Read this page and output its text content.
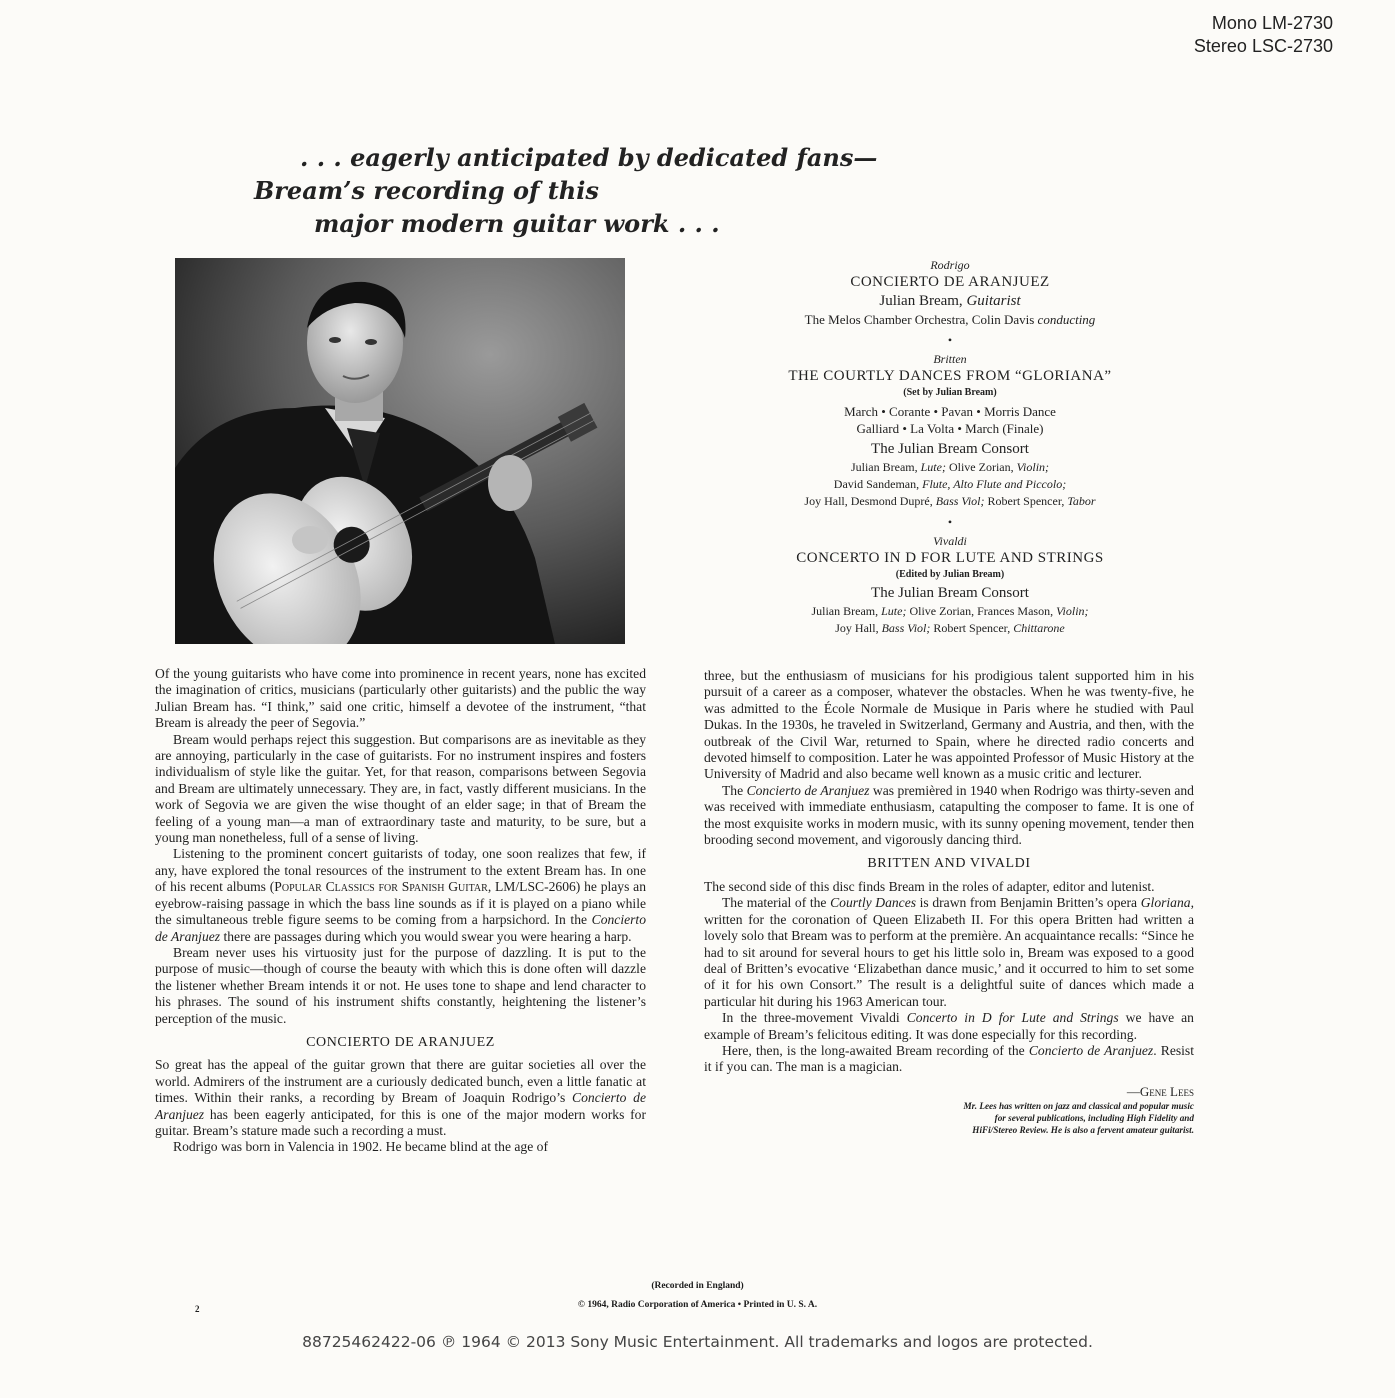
Mono LM-2730
Stereo LSC-2730
. . . eagerly anticipated by dedicated fans—
Bream’s recording of this
major modern guitar work . . .
Rodrigo
CONCIERTO DE ARANJUEZ
Julian Bream, Guitarist
The Melos Chamber Orchestra, Colin Davis conducting
•
Britten
THE COURTLY DANCES FROM “GLORIANA”
(Set by Julian Bream)
March • Corante • Pavan • Morris Dance
Galliard • La Volta • March (Finale)
The Julian Bream Consort
Julian Bream, Lute; Olive Zorian, Violin;
David Sandeman, Flute, Alto Flute and Piccolo;
Joy Hall, Desmond Dupré, Bass Viol; Robert Spencer, Tabor
•
Vivaldi
CONCERTO IN D FOR LUTE AND STRINGS
(Edited by Julian Bream)
The Julian Bream Consort
Julian Bream, Lute; Olive Zorian, Frances Mason, Violin;
Joy Hall, Bass Viol; Robert Spencer, Chittarone

Of the young guitarists who have come into prominence in recent years, none has excited the imagination of critics, musicians (particularly other guitarists) and the public the way Julian Bream has. “I think,” said one critic, himself a devotee of the instrument, “that Bream is already the peer of Segovia.”

Bream would perhaps reject this suggestion. But comparisons are as inevitable as they are annoying, particularly in the case of guitarists. For no instrument inspires and fosters individualism of style like the guitar. Yet, for that reason, comparisons between Segovia and Bream are ultimately unnecessary. They are, in fact, vastly different musicians. In the work of Segovia we are given the wise thought of an elder sage; in that of Bream the feeling of a young man—a man of extraordinary taste and maturity, to be sure, but a young man nonetheless, full of a sense of living.

Listening to the prominent concert guitarists of today, one soon realizes that few, if any, have explored the tonal resources of the instrument to the extent Bream has. In one of his recent albums (Popular Classics for Spanish Guitar, LM/LSC-2606) he plays an eyebrow-raising passage in which the bass line sounds as if it is played on a piano while the simultaneous treble figure seems to be coming from a harpsichord. In the Concierto de Aranjuez there are passages during which you would swear you were hearing a harp.

Bream never uses his virtuosity just for the purpose of dazzling. It is put to the purpose of music—though of course the beauty with which this is done often will dazzle the listener whether Bream intends it or not. He uses tone to shape and lend character to his phrases. The sound of his instrument shifts constantly, heightening the listener’s perception of the music.

CONCIERTO DE ARANJUEZ

So great has the appeal of the guitar grown that there are guitar societies all over the world. Admirers of the instrument are a curiously dedicated bunch, even a little fanatic at times. Within their ranks, a recording by Bream of Joaquin Rodrigo’s Concierto de Aranjuez has been eagerly anticipated, for this is one of the major modern works for guitar. Bream’s stature made such a recording a must.

Rodrigo was born in Valencia in 1902. He became blind at the age of

three, but the enthusiasm of musicians for his prodigious talent supported him in his pursuit of a career as a composer, whatever the obstacles. When he was twenty-five, he was admitted to the École Normale de Musique in Paris where he studied with Paul Dukas. In the 1930s, he traveled in Switzerland, Germany and Austria, and then, with the outbreak of the Civil War, returned to Spain, where he directed radio concerts and devoted himself to composition. Later he was appointed Professor of Music History at the University of Madrid and also became well known as a music critic and lecturer.

The Concierto de Aranjuez was premièred in 1940 when Rodrigo was thirty-seven and was received with immediate enthusiasm, catapulting the composer to fame. It is one of the most exquisite works in modern music, with its sunny opening movement, tender then brooding second movement, and vigorously dancing third.

BRITTEN AND VIVALDI

The second side of this disc finds Bream in the roles of adapter, editor and lutenist.

The material of the Courtly Dances is drawn from Benjamin Britten’s opera Gloriana, written for the coronation of Queen Elizabeth II. For this opera Britten had written a lovely solo that Bream was to perform at the première. An acquaintance recalls: “Since he had to sit around for several hours to get his little solo in, Bream was exposed to a good deal of Britten’s evocative ‘Elizabethan dance music,’ and it occurred to him to set some of it for his own Consort.” The result is a delightful suite of dances which made a particular hit during his 1963 American tour.

In the three-movement Vivaldi Concerto in D for Lute and Strings we have an example of Bream’s felicitous editing. It was done especially for this recording.

Here, then, is the long-awaited Bream recording of the Concierto de Aranjuez. Resist it if you can. The man is a magician.

—Gene Lees
Mr. Lees has written on jazz and classical and popular music
for several publications, including High Fidelity and
HiFi/Stereo Review. He is also a fervent amateur guitarist.
(Recorded in England)
© 1964, Radio Corporation of America • Printed in U. S. A.
2
88725462422-06 ℗ 1964 © 2013 Sony Music Entertainment. All trademarks and logos are protected.
